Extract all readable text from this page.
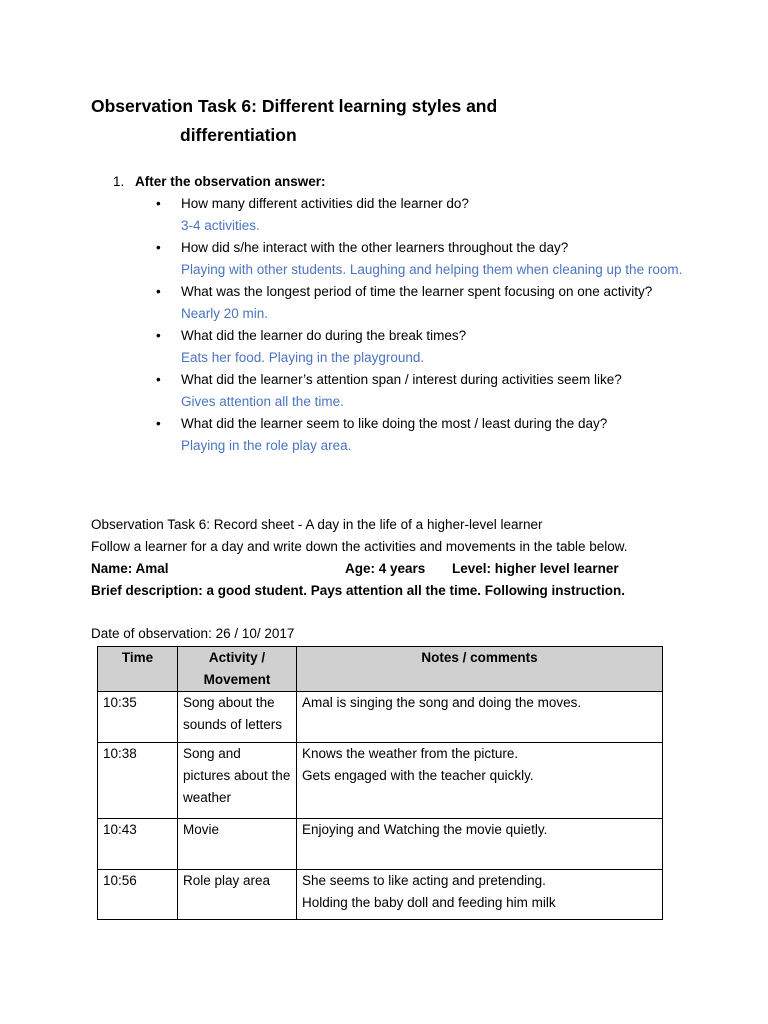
Observation Task 6: Different learning styles and
differentiation
1. After the observation answer:
• How many different activities did the learner do?
3-4 activities.
• How did s/he interact with the other learners throughout the day?
Playing with other students. Laughing and helping them when cleaning up the room.
• What was the longest period of time the learner spent focusing on one activity?
Nearly 20 min.
• What did the learner do during the break times?
Eats her food. Playing in the playground.
• What did the learner’s attention span / interest during activities seem like?
Gives attention all the time.
• What did the learner seem to like doing the most / least during the day?
Playing in the role play area.
Observation Task 6: Record sheet - A day in the life of a higher-level learner
Follow a learner for a day and write down the activities and movements in the table below.
Name: Amal	Age: 4 years Level: higher level learner
Brief description: a good student. Pays attention all the time. Following instruction.
Date of observation: 26 / 10/ 2017
Time	Activity / Movement	Notes / comments
10:35	Song about the sounds of letters	Amal is singing the song and doing the moves.

10:38	Song and pictures about the weather	Knows the weather from the picture.
Gets engaged with the teacher quickly.

10:43	Movie	Enjoying and Watching the movie quietly.

10:56	Role play area	She seems to like acting and pretending.
Holding the baby doll and feeding him milk
